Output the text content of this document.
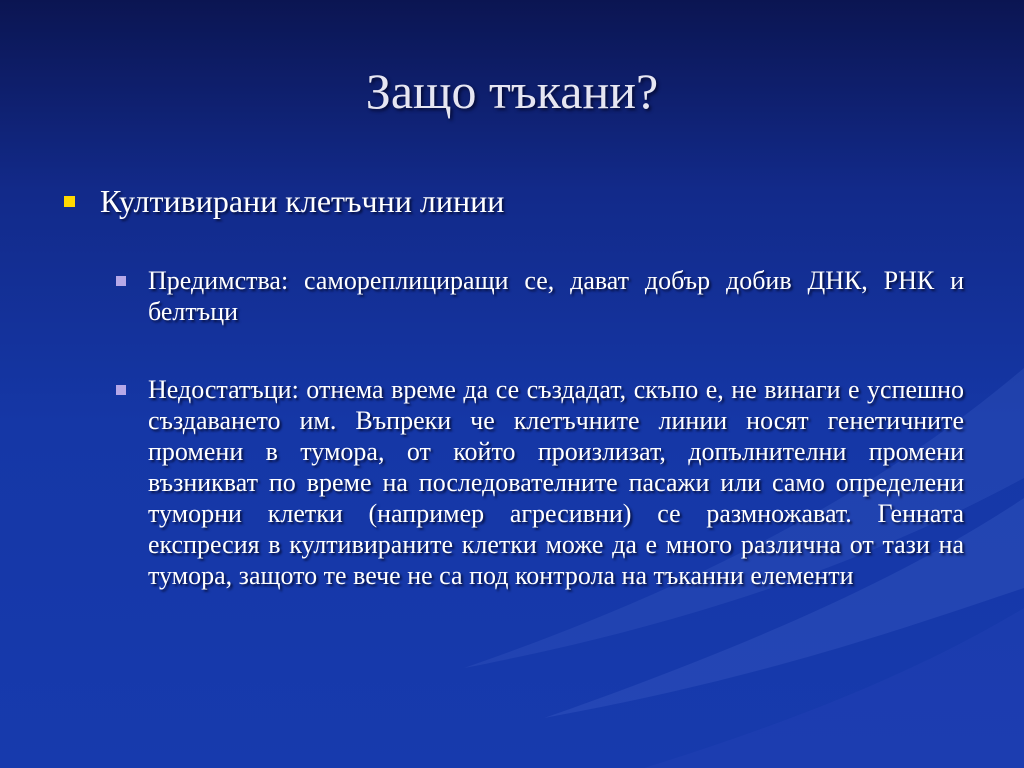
Защо тъкани?
Култивирани клетъчни линии
Предимства: самореплициращи се, дават добър добив ДНК, РНК и белтъци
Недостатъци: отнема време да се създадат, скъпо е, не винаги е успешно създаването им. Въпреки че клетъчните линии носят генетичните промени в тумора, от който произлизат, допълнителни промени възникват по време на последователните пасажи или само определени туморни клетки (например агресивни) се размножават. Генната експресия в култивираните клетки може да е много различна от тази на тумора, защото те вече не са под контрола на тъканни елементи
